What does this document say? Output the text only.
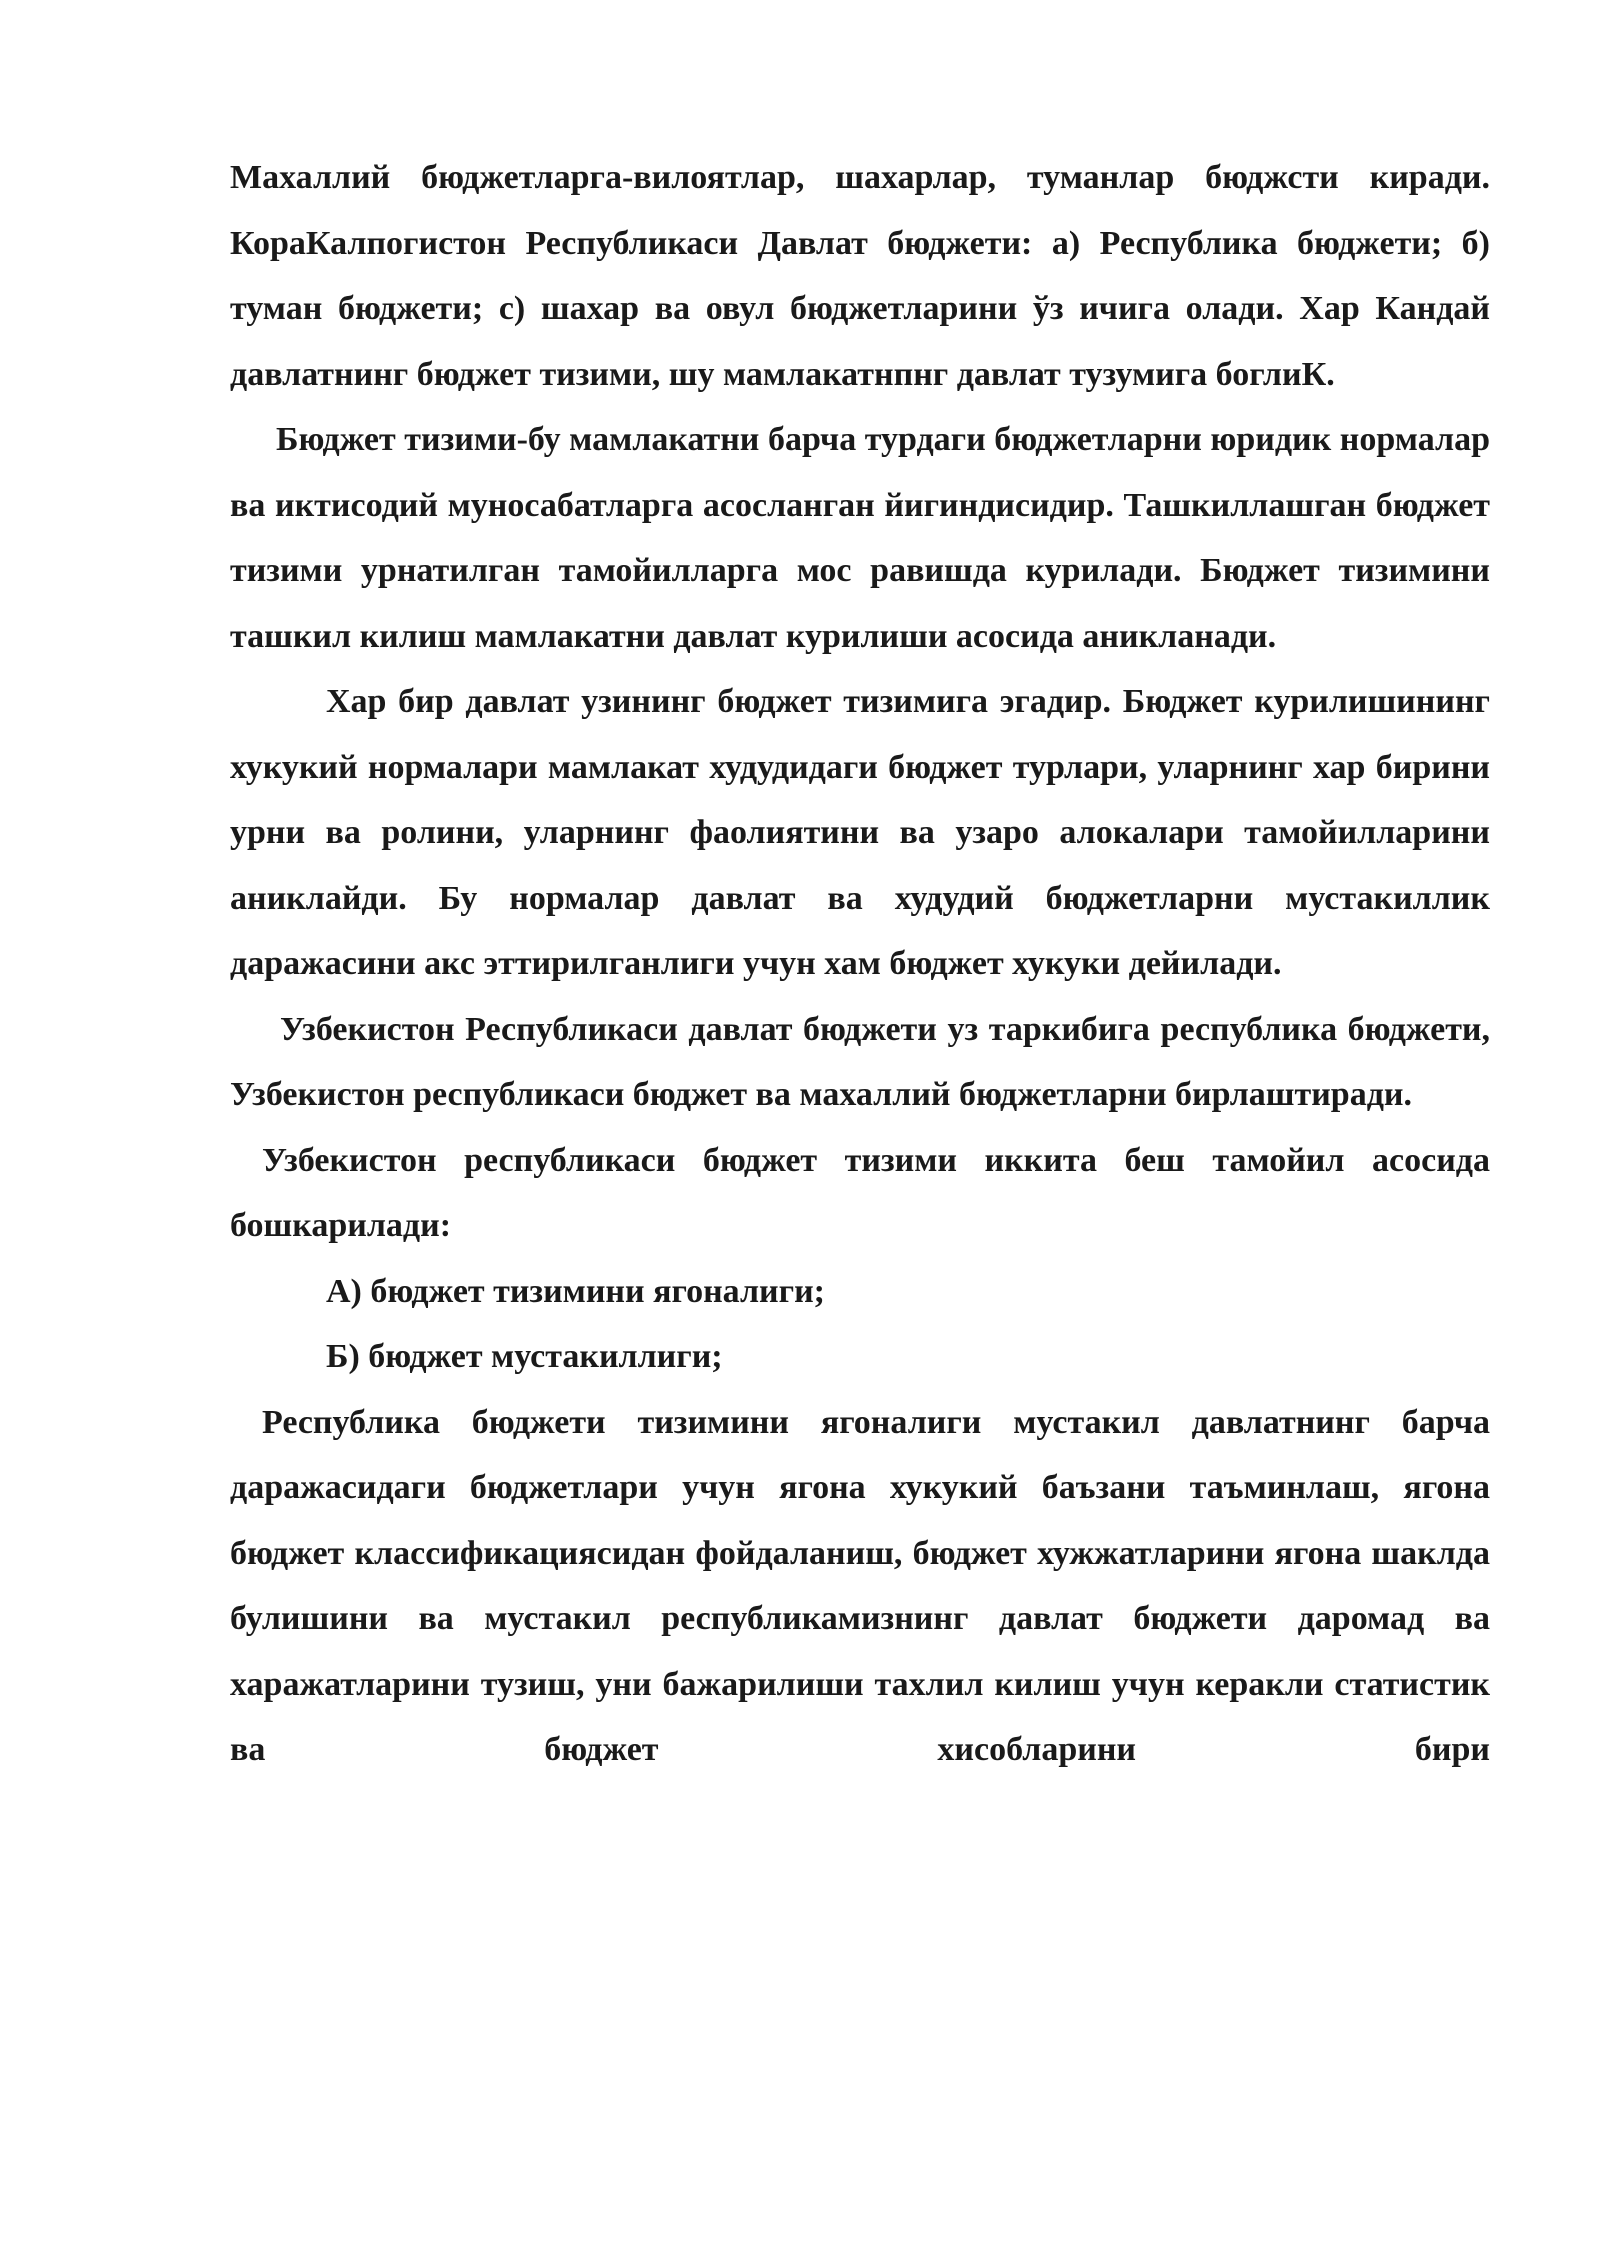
Махаллий бюджетларга-вилоятлар, шахарлар, туманлар бюджсти киради. КораКалпогистон Республикаси Давлат бюджети: а) Республика бюджети; б) туман бюджети; с) шахар ва овул бюджетларини ўз ичига олади. Хар Кандай давлатнинг бюджет тизими, шу мамлакатнпнг давлат тузумига боглиК.

Бюджет тизими-бу мамлакатни барча турдаги бюджетларни юридик нормалар ва иктисодий муносабатларга асосланган йигиндисидир. Ташкиллашган бюджет тизими урнатилган тамойилларга мос равишда курилади. Бюджет тизимини ташкил килиш мамлакатни давлат курилиши асосида аникланади.

Хар бир давлат узининг бюджет тизимига эгадир. Бюджет курилишининг хукукий нормалари мамлакат худудидаги бюджет турлари, уларнинг хар бирини урни ва ролини, уларнинг фаолиятини ва узаро алокалари тамойилларини аниклайди. Бу нормалар давлат ва худудий бюджетларни мустакиллик даражасини акс эттирилганлиги учун хам бюджет хукуки дейилади.

Узбекистон Республикаси давлат бюджети уз таркибига республика бюджети, Узбекистон республикаси бюджет ва махаллий бюджетларни бирлаштиради.

Узбекистон республикаси бюджет тизими иккита беш тамойил асосида бошкарилади:

А) бюджет тизимини ягоналиги;

Б) бюджет мустакиллиги;

Республика бюджети тизимини ягоналиги мустакил давлатнинг барча даражасидаги бюджетлари учун ягона хукукий баъзани таъминлаш, ягона бюджет классификациясидан фойдаланиш, бюджет хужжатларини ягона шаклда булишини ва мустакил республикамизнинг давлат бюджети даромад ва харажатларини тузиш, уни бажарилиши тахлил килиш учун керакли статистик ва бюджет хисобларини бири
